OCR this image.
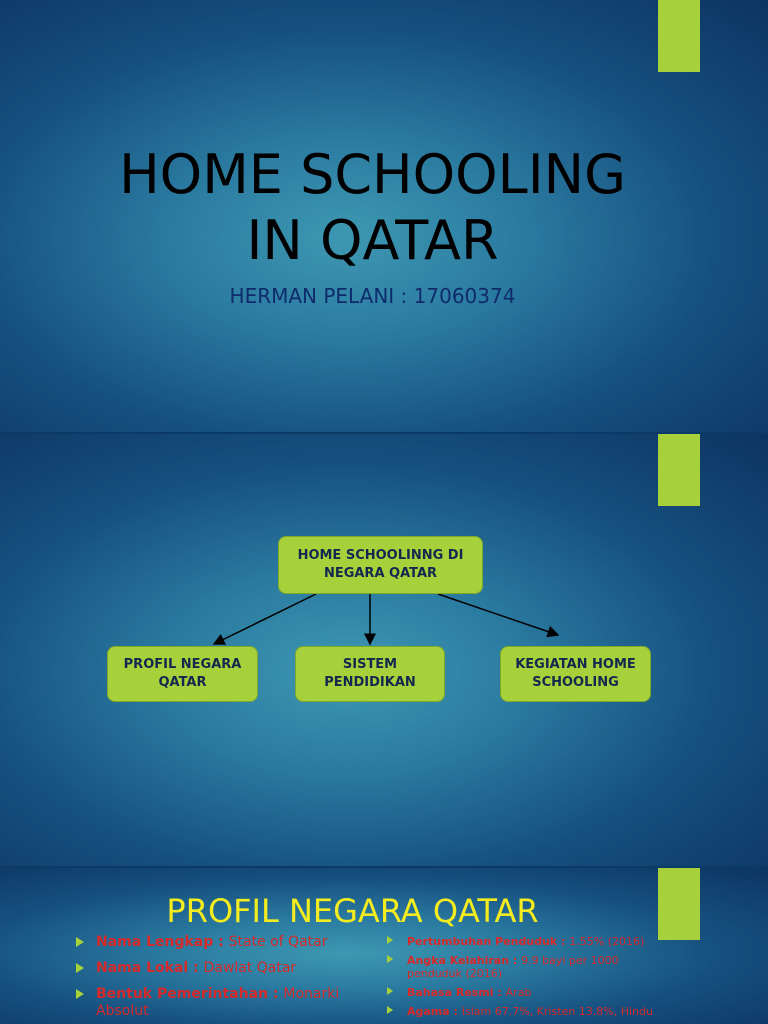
HOME SCHOOLING
IN QATAR
HERMAN PELANI : 17060374
HOME SCHOOLINNG DI NEGARA QATAR
PROFIL NEGARA QATAR
SISTEM PENDIDIKAN
KEGIATAN HOME SCHOOLING
PROFIL NEGARA QATAR
Nama Lengkap : State of Qatar
Nama Lokal : Dawlat Qatar
Bentuk Pemerintahan : Monarki Absolut
Pertumbuhan Penduduk : 1.55% (2016)
Angka Kelahiran : 9.9 bayi per 1000 penduduk (2016)
Bahasa Resmi : Arab
Agama : Islam 67.7%, Kristen 13.8%, Hindu
